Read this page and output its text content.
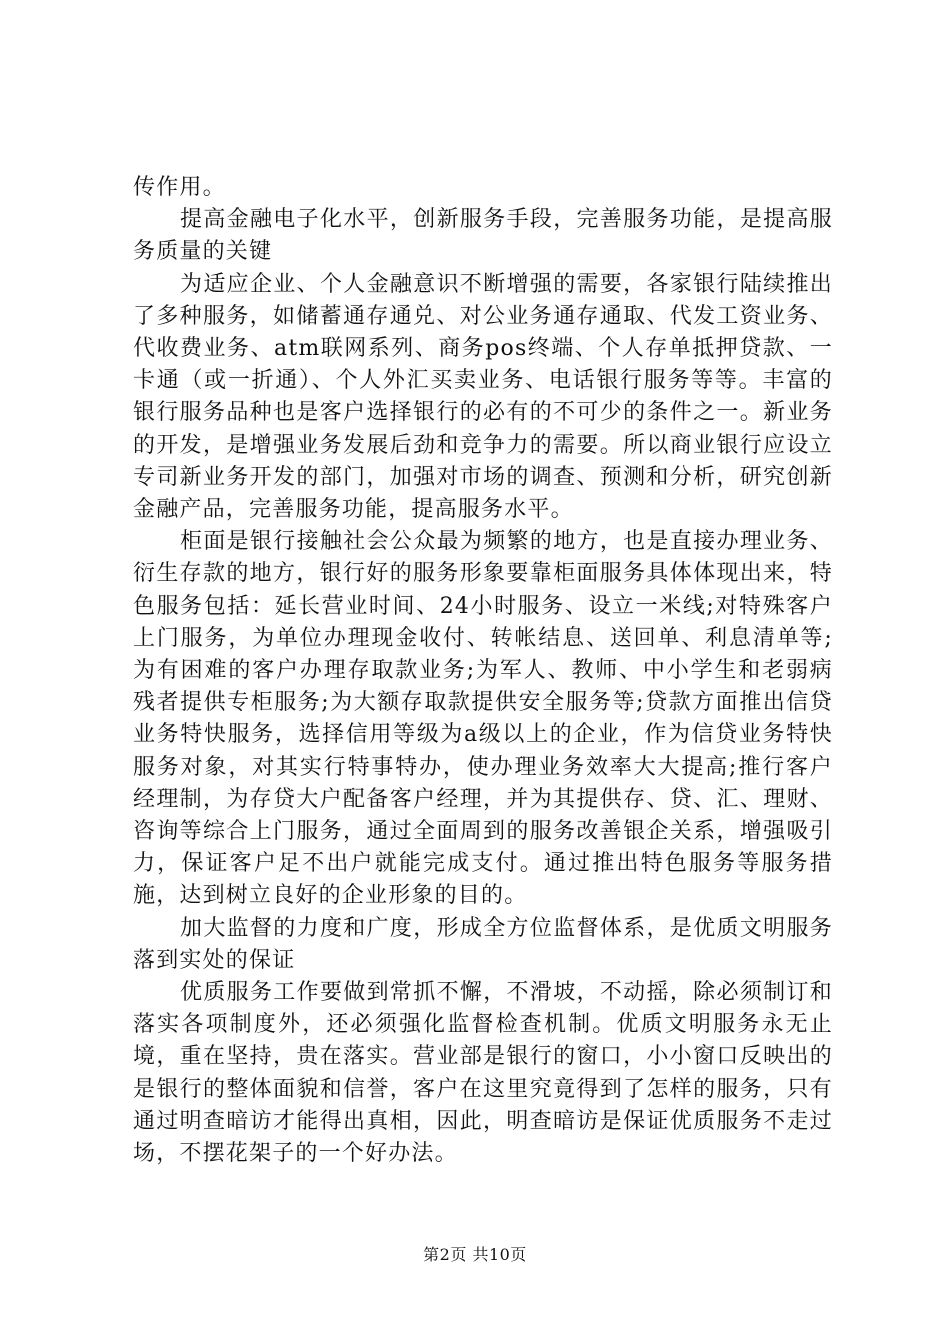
传作用。

提高金融电子化水平，创新服务手段，完善服务功能，是提高服务质量的关键

为适应企业、个人金融意识不断增强的需要，各家银行陆续推出了多种服务，如储蓄通存通兑、对公业务通存通取、代发工资业务、代收费业务、atm联网系列、商务pos终端、个人存单抵押贷款、一卡通（或一折通）、个人外汇买卖业务、电话银行服务等等。丰富的银行服务品种也是客户选择银行的必有的不可少的条件之一。新业务的开发，是增强业务发展后劲和竞争力的需要。所以商业银行应设立专司新业务开发的部门，加强对市场的调查、预测和分析，研究创新金融产品，完善服务功能，提高服务水平。

柜面是银行接触社会公众最为频繁的地方，也是直接办理业务、衍生存款的地方，银行好的服务形象要靠柜面服务具体体现出来，特色服务包括：延长营业时间、24小时服务、设立一米线;对特殊客户上门服务，为单位办理现金收付、转帐结息、送回单、利息清单等;为有困难的客户办理存取款业务;为军人、教师、中小学生和老弱病残者提供专柜服务;为大额存取款提供安全服务等;贷款方面推出信贷业务特快服务，选择信用等级为a级以上的企业，作为信贷业务特快服务对象，对其实行特事特办，使办理业务效率大大提高;推行客户经理制，为存贷大户配备客户经理，并为其提供存、贷、汇、理财、咨询等综合上门服务，通过全面周到的服务改善银企关系，增强吸引力，保证客户足不出户就能完成支付。通过推出特色服务等服务措施，达到树立良好的企业形象的目的。

加大监督的力度和广度，形成全方位监督体系，是优质文明服务落到实处的保证

优质服务工作要做到常抓不懈，不滑坡，不动摇，除必须制订和落实各项制度外，还必须强化监督检查机制。优质文明服务永无止境，重在坚持，贵在落实。营业部是银行的窗口，小小窗口反映出的是银行的整体面貌和信誉，客户在这里究竟得到了怎样的服务，只有通过明查暗访才能得出真相，因此，明查暗访是保证优质服务不走过场，不摆花架子的一个好办法。

第2页 共10页
